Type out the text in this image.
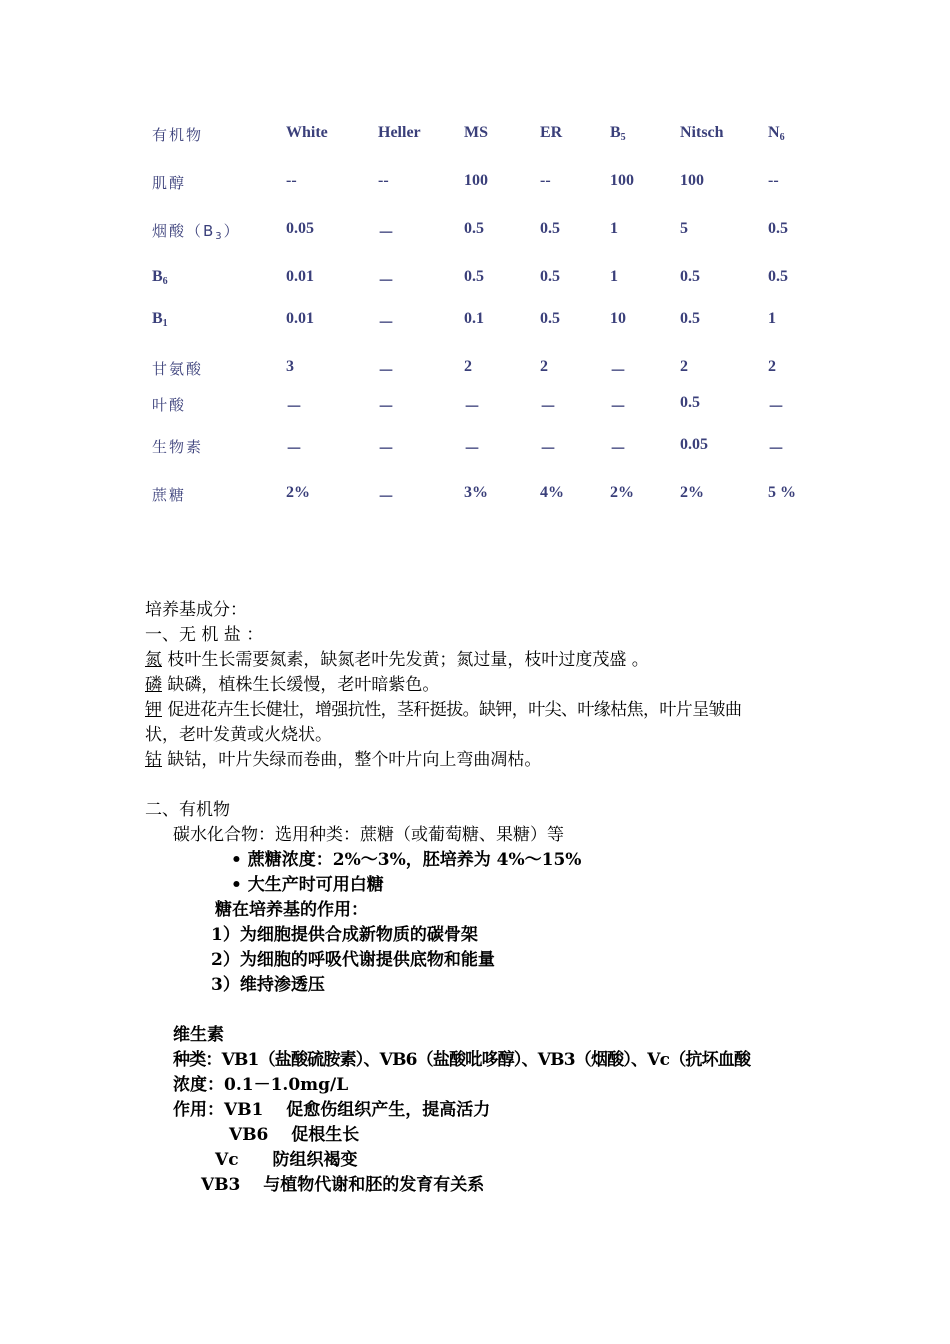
有机物	White	Heller	MS	ER	$B_5$	Nitsch	$N_6$
肌醇	--	--	100	--	100	100	--
烟酸$(B_3)$	0.05	－	0.5	0.5	1	5	0.5
$B_6$	0.01	－	0.5	0.5	1	0.5	0.5
$B_1$	0.01	－	0.1	0.5	10	0.5	1
甘氨酸	3	－	2	2	－	2	2
叶酸	－	－	－	－	－	0.5	－
生物素	－	－	－	－	－	0.05	－
蔗糖	2%	－	3%	4%	2%	2%	5 %
培养基成分：
一、无 机 盐 ：
氮 枝叶生长需要氮素，缺氮老叶先发黄；氮过量，枝叶过度茂盛 。
磷 缺磷，植株生长缓慢，老叶暗紫色。
钾 促进花卉生长健壮，增强抗性，茎秆挺拔。缺钾，叶尖、叶缘枯焦，叶片呈皱曲
状，老叶发黄或火烧状。
钴 缺钴，叶片失绿而卷曲，整个叶片向上弯曲凋枯。
二、有机物
碳水化合物：选用种类：蔗糖（或葡萄糖、果糖）等
• 蔗糖浓度：2%～3%，胚培养为 4%～15%
• 大生产时可用白糖
糖在培养基的作用：
1）为细胞提供合成新物质的碳骨架
2）为细胞的呼吸代谢提供底物和能量
3）维持渗透压
维生素
种类：VB1（盐酸硫胺素）、VB6（盐酸吡哆醇）、VB3（烟酸）、Vc（抗坏血酸
浓度：0.1－1.0mg/L
作用：VB1　 促愈伤组织产生，提高活力
VB6　 促根生长
Vc　　防组织褐变
VB3　 与植物代谢和胚的发育有关系
